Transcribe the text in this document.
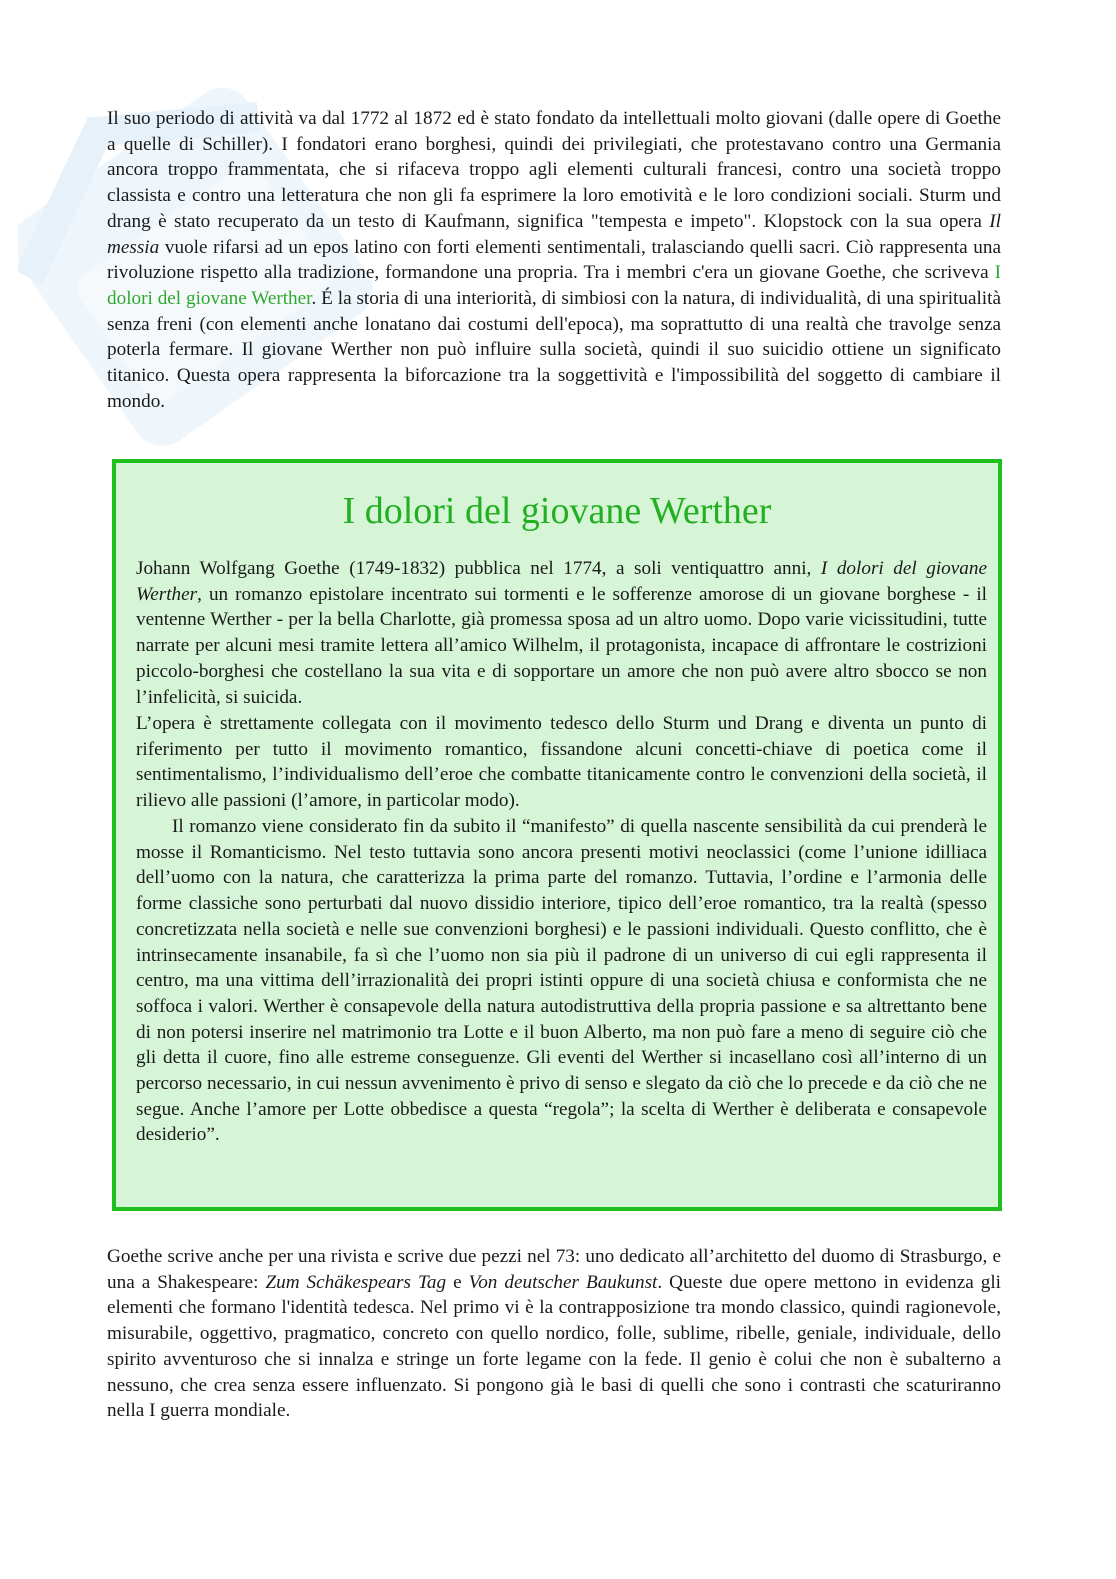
Il suo periodo di attività va dal 1772 al 1872 ed è stato fondato da intellettuali molto giovani (dalle opere di Goethe a quelle di Schiller). I fondatori erano borghesi, quindi dei privilegiati, che protestavano contro una Germania ancora troppo frammentata, che si rifaceva troppo agli elementi culturali francesi, contro una società troppo classista e contro una letteratura che non gli fa esprimere la loro emotività e le loro condizioni sociali. Sturm und drang è stato recuperato da un testo di Kaufmann, significa "tempesta e impeto". Klopstock con la sua opera Il messia vuole rifarsi ad un epos latino con forti elementi sentimentali, tralasciando quelli sacri. Ciò rappresenta una rivoluzione rispetto alla tradizione, formandone una propria. Tra i membri c'era un giovane Goethe, che scriveva I dolori del giovane Werther. É la storia di una interiorità, di simbiosi con la natura, di individualità, di una spiritualità senza freni (con elementi anche lonatano dai costumi dell'epoca), ma soprattutto di una realtà che travolge senza poterla fermare. Il giovane Werther non può influire sulla società, quindi il suo suicidio ottiene un significato titanico. Questa opera rappresenta la biforcazione tra la soggettività e l'impossibilità del soggetto di cambiare il mondo.

I dolori del giovane Werther

Johann Wolfgang Goethe (1749-1832) pubblica nel 1774, a soli ventiquattro anni, I dolori del giovane Werther, un romanzo epistolare incentrato sui tormenti e le sofferenze amorose di un giovane borghese - il ventenne Werther - per la bella Charlotte, già promessa sposa ad un altro uomo. Dopo varie vicissitudini, tutte narrate per alcuni mesi tramite lettera all’amico Wilhelm, il protagonista, incapace di affrontare le costrizioni piccolo-borghesi che costellano la sua vita e di sopportare un amore che non può avere altro sbocco se non l’infelicità, si suicida.

L’opera è strettamente collegata con il movimento tedesco dello Sturm und Drang e diventa un punto di riferimento per tutto il movimento romantico, fissandone alcuni concetti-chiave di poetica come il sentimentalismo, l’individualismo dell’eroe che combatte titanicamente contro le convenzioni della società, il rilievo alle passioni (l’amore, in particolar modo).

Il romanzo viene considerato fin da subito il “manifesto” di quella nascente sensibilità da cui prenderà le mosse il Romanticismo. Nel testo tuttavia sono ancora presenti motivi neoclassici (come l’unione idilliaca dell’uomo con la natura, che caratterizza la prima parte del romanzo. Tuttavia, l’ordine e l’armonia delle forme classiche sono perturbati dal nuovo dissidio interiore, tipico dell’eroe romantico, tra la realtà (spesso concretizzata nella società e nelle sue convenzioni borghesi) e le passioni individuali. Questo conflitto, che è intrinsecamente insanabile, fa sì che l’uomo non sia più il padrone di un universo di cui egli rappresenta il centro, ma una vittima dell’irrazionalità dei propri istinti oppure di una società chiusa e conformista che ne soffoca i valori. Werther è consapevole della natura autodistruttiva della propria passione e sa altrettanto bene di non potersi inserire nel matrimonio tra Lotte e il buon Alberto, ma non può fare a meno di seguire ciò che gli detta il cuore, fino alle estreme conseguenze. Gli eventi del Werther si incasellano così all’interno di un percorso necessario, in cui nessun avvenimento è privo di senso e slegato da ciò che lo precede e da ciò che ne segue. Anche l’amore per Lotte obbedisce a questa “regola”; la scelta di Werther è deliberata e consapevole desiderio”.

Goethe scrive anche per una rivista e scrive due pezzi nel 73: uno dedicato all’architetto del duomo di Strasburgo, e una a Shakespeare: Zum Schäkespears Tag e Von deutscher Baukunst. Queste due opere mettono in evidenza gli elementi che formano l'identità tedesca. Nel primo vi è la contrapposizione tra mondo classico, quindi ragionevole, misurabile, oggettivo, pragmatico, concreto con quello nordico, folle, sublime, ribelle, geniale, individuale, dello spirito avventuroso che si innalza e stringe un forte legame con la fede. Il genio è colui che non è subalterno a nessuno, che crea senza essere influenzato. Si pongono già le basi di quelli che sono i contrasti che scaturiranno nella I guerra mondiale.
